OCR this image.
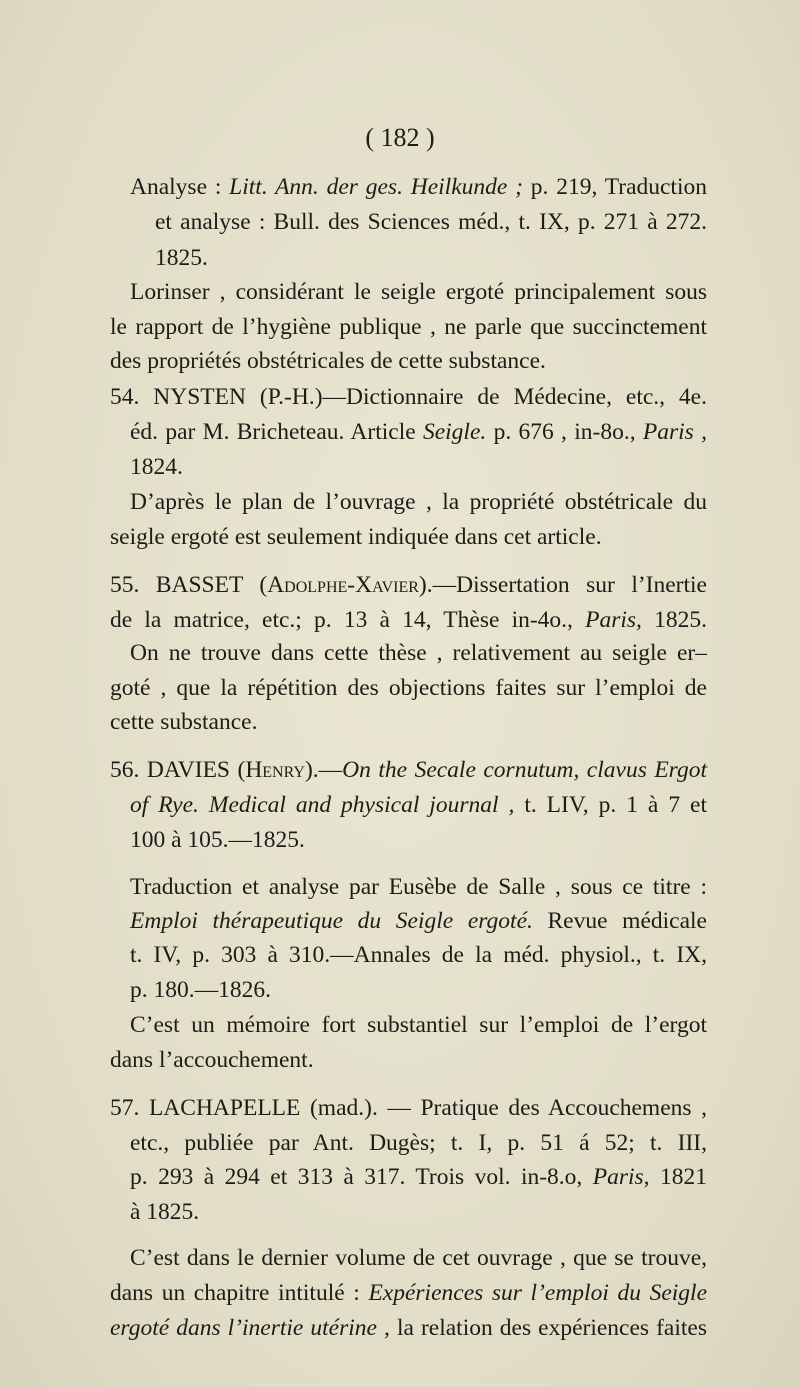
( 182 )
Analyse : Litt. Ann. der ges. Heilkunde ; p. 219, Traduction
et analyse : Bull. des Sciences méd., t. IX, p. 271 à 272.
1825.
Lorinser , considérant le seigle ergoté principalement sous
le rapport de l’hygiène publique , ne parle que succinctement
des propriétés obstétricales de cette substance.
54. NYSTEN (P.-H.)—Dictionnaire de Médecine, etc., 4e.
éd. par M. Bricheteau. Article Seigle. p. 676 , in-8o., Paris ,
1824.
D’après le plan de l’ouvrage , la propriété obstétricale du
seigle ergoté est seulement indiquée dans cet article.
55. BASSET (Adolphe-Xavier).—Dissertation sur l’Inertie
de la matrice, etc.; p. 13 à 14, Thèse in-4o., Paris, 1825.
On ne trouve dans cette thèse , relativement au seigle er–
goté , que la répétition des objections faites sur l’emploi de
cette substance.
56. DAVIES (Henry).—On the Secale cornutum, clavus Ergot
of Rye. Medical and physical journal , t. LIV, p. 1 à 7 et
100 à 105.—1825.
Traduction et analyse par Eusèbe de Salle , sous ce titre :
Emploi thérapeutique du Seigle ergoté. Revue médicale
t. IV, p. 303 à 310.—Annales de la méd. physiol., t. IX,
p. 180.—1826.
C’est un mémoire fort substantiel sur l’emploi de l’ergot
dans l’accouchement.
57. LACHAPELLE (mad.). — Pratique des Accouchemens ,
etc., publiée par Ant. Dugès; t. I, p. 51 á 52; t. III,
p. 293 à 294 et 313 à 317. Trois vol. in-8.o, Paris, 1821
à 1825.
C’est dans le dernier volume de cet ouvrage , que se trouve,
dans un chapitre intitulé : Expériences sur l’emploi du Seigle
ergoté dans l’inertie utérine , la relation des expériences faites
